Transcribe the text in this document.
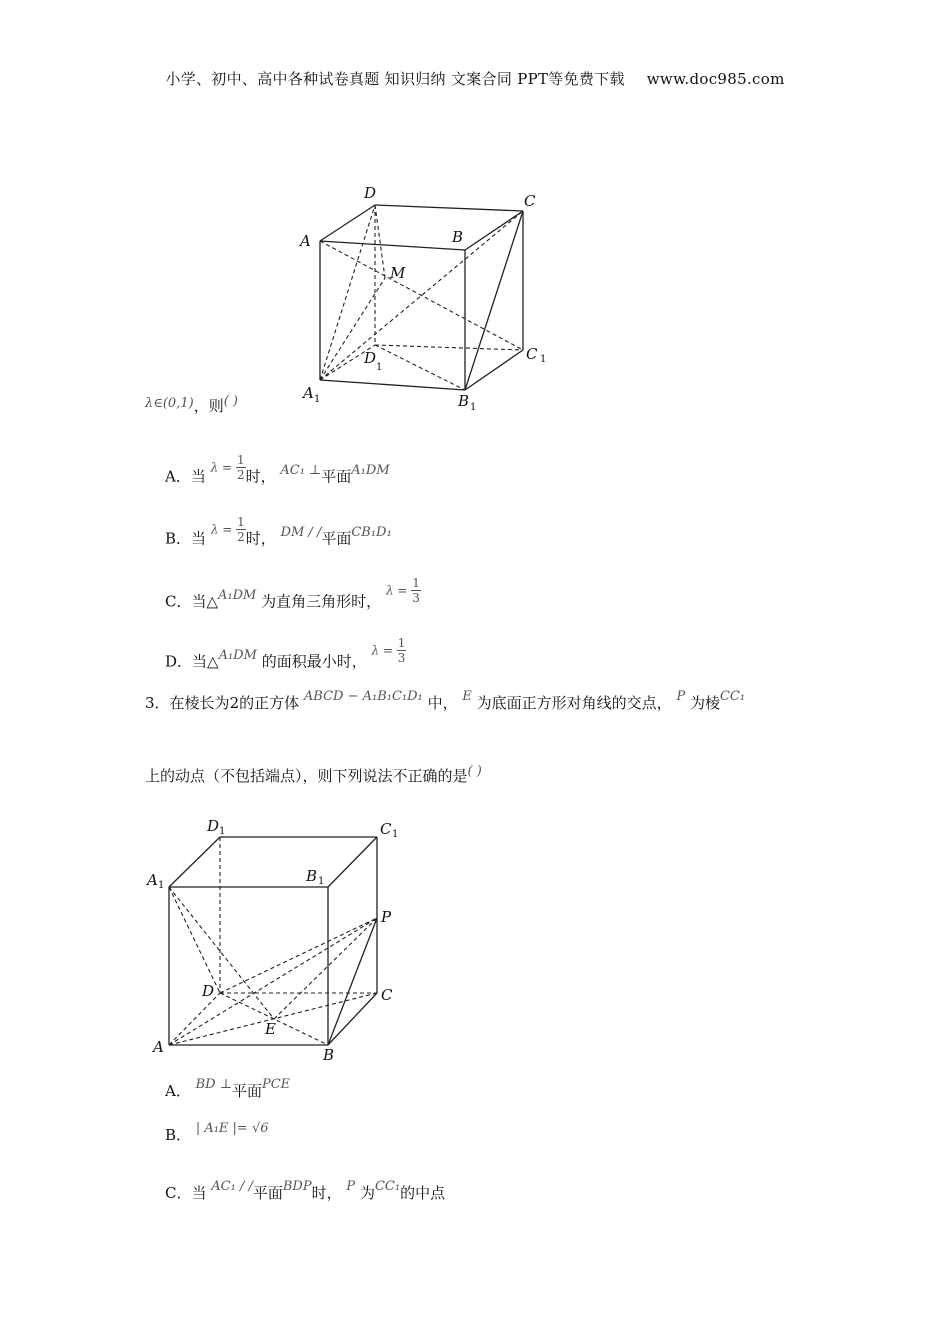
小学、初中、高中各种试卷真题 知识归纳 文案合同 PPT等免费下载 www.doc985.com
D	C
A	B
M
D
1
C 1
A 1	B 1
λ∈(0,1)，则( )
A．当 $\lambda = \frac{1}{2}$ 时， AC₁ ⊥平面A₁DM
B．当 $\lambda = \frac{1}{2}$ 时， DM / /平面CB₁D₁
C．当△A₁DM 为直角三角形时， $\lambda = \frac{1}{3}$
D．当△A₁DM 的面积最小时， $\lambda = \frac{1}{3}$
3．在棱长为2的正方体 ABCD − A₁B₁C₁D₁ 中， E 为底面正方形对角线的交点， P 为棱CC₁
上的动点（不包括端点），则下列说法不正确的是( )
D 1	C 1
A 1
B 1
P
D	C
E
A	B
A． BD ⊥平面PCE
B． | A₁E |= √6
C．当 AC₁ / /平面BDP时， P 为CC₁的中点
